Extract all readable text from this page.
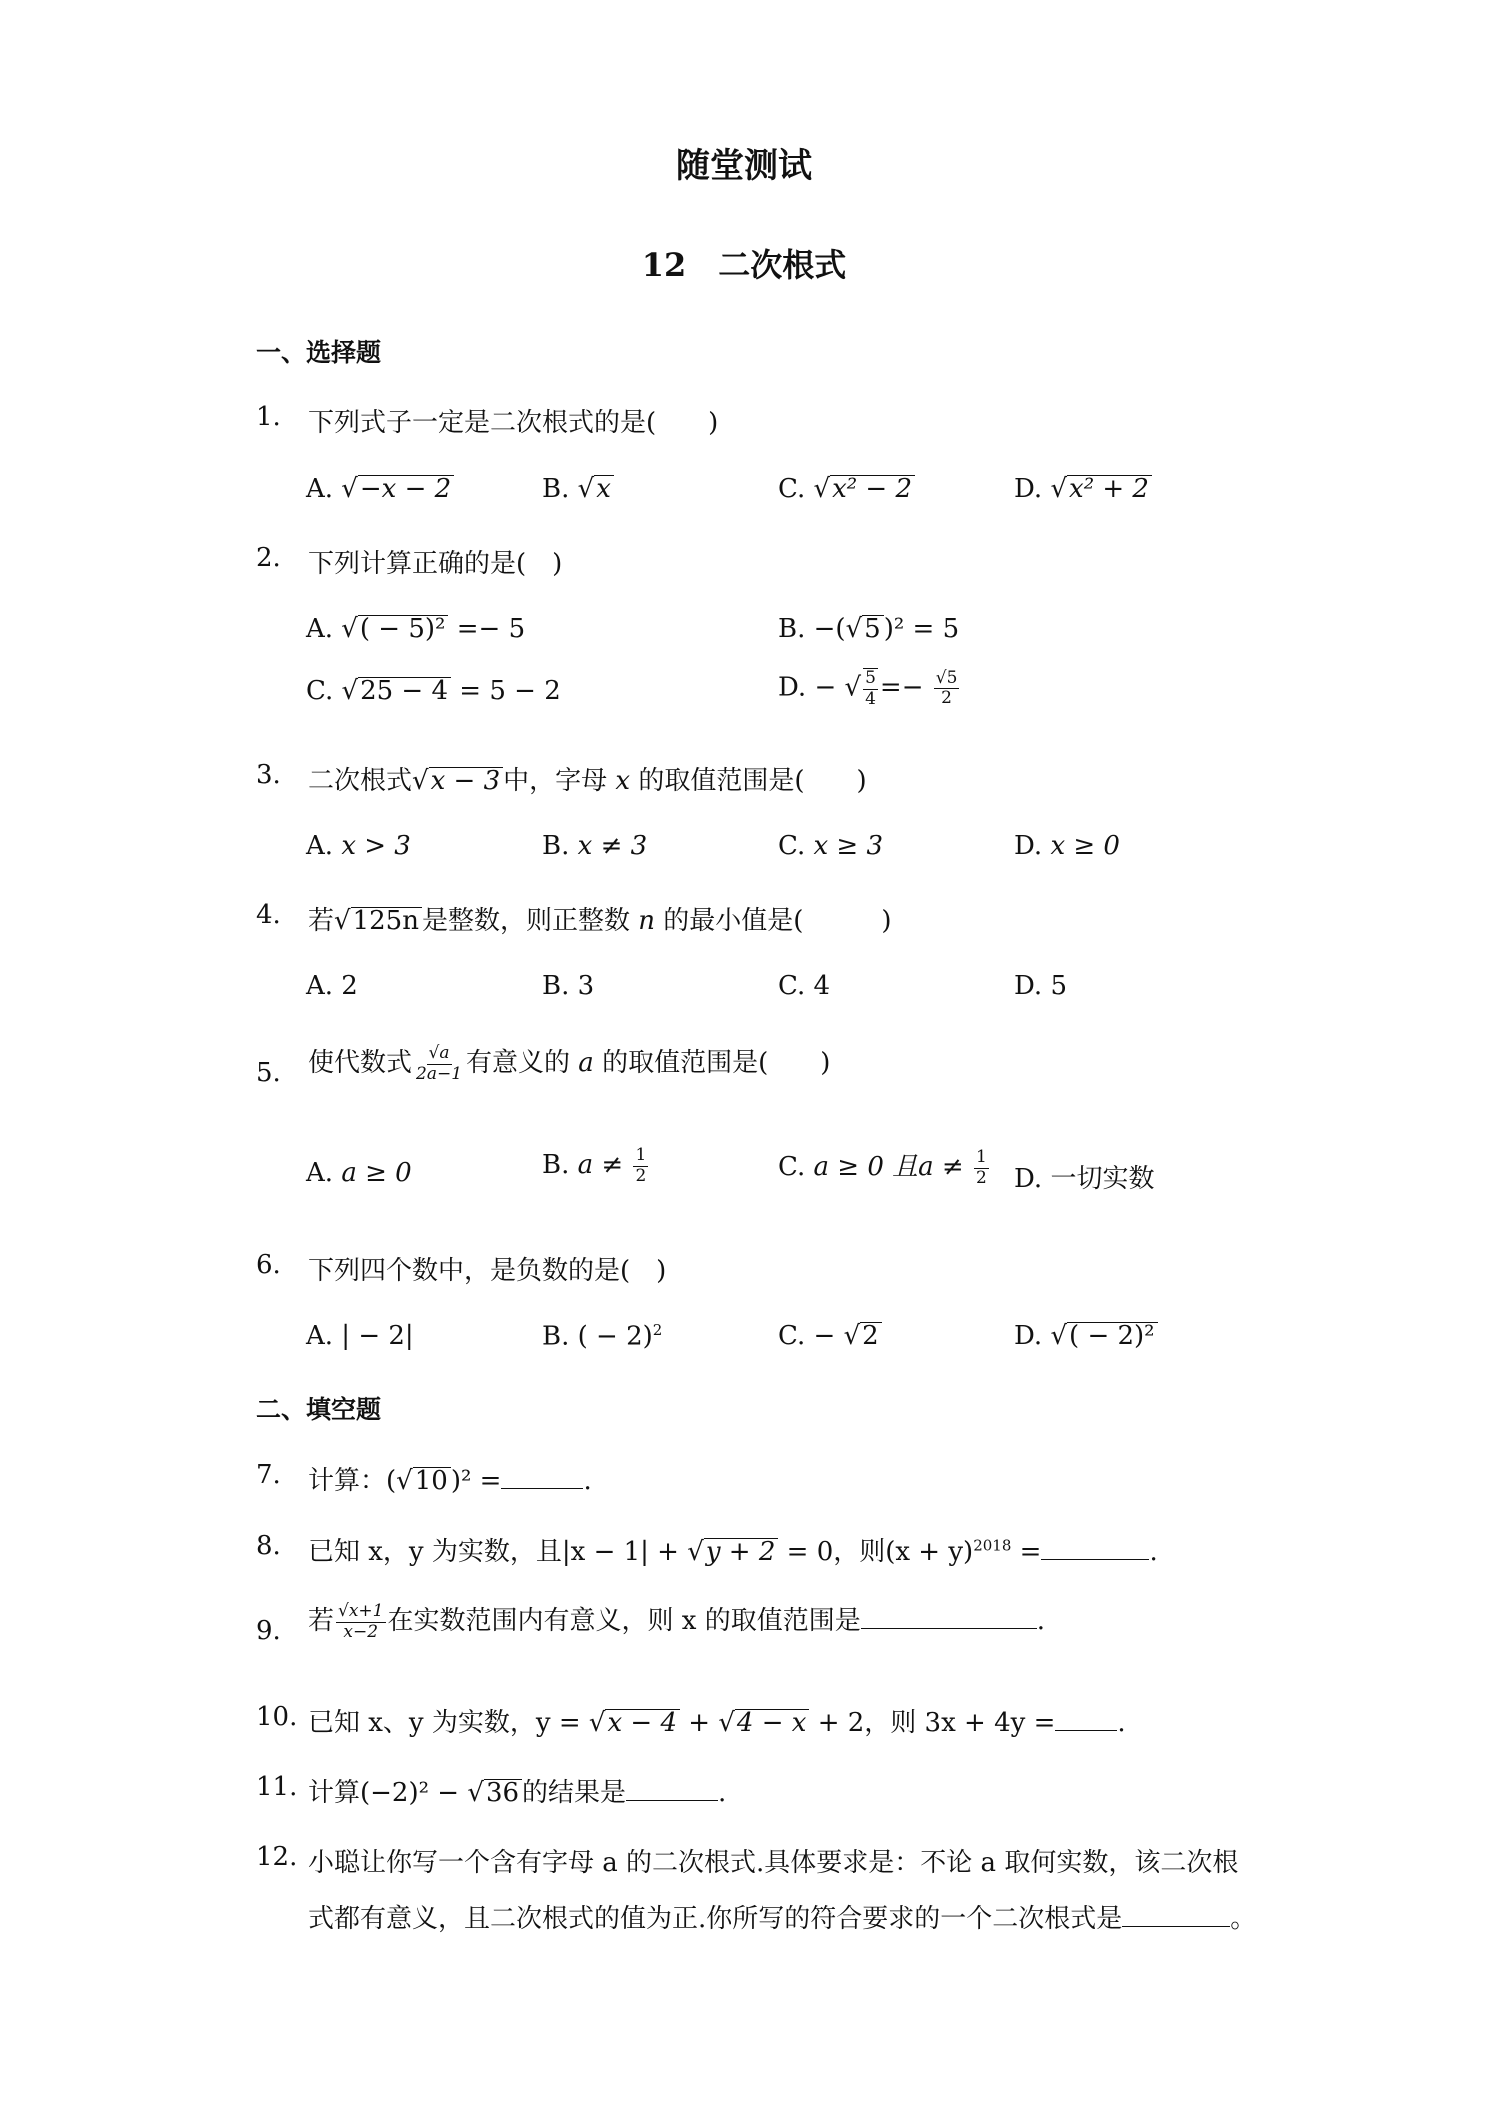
随堂测试
12　二次根式
一、选择题
1. 下列式子一定是二次根式的是(　　)
A. √−x − 2	B. √x	C. √x² − 2	D. √x² + 2
2. 下列计算正确的是(　)
A. √( − 5)² =− 5	B. −(√5 )² = 5
C. √25 − 4 = 5 − 2	D. − √ $\frac{5}{4} =- \frac{√5}{2}$
3. 二次根式√x − 3 中，字母 x 的取值范围是(　　)
A. x > 3	B. x ≠ 3	C. x ≥ 3	D. x ≥ 0
4. 若√125n 是整数，则正整数 n 的最小值是(　　　)
A. 2	B. 3	C. 4	D. 5
5. 使代数式 $\frac{√a}{2a-1}$ 有意义的 a 的取值范围是(　　)
A. a ≥ 0	B. $a \ne \frac{1}{2}$	C. a ≥ 0 且$a \ne \frac{1}{2} D$. 一切实数
6. 下列四个数中，是负数的是(　)
A. | − 2|	B. ( − 2)$^2$	C. − √2	D. √( − 2)²
二、填空题
7. 计算：(√10 )² =	.
8. 已知 x，y 为实数，且|x − 1| + √y + 2 = 0，则$(x + y)^{2018}$ =	.
9. 若 $\frac{√x+1}{x-2}$ 在实数范围内有意义，则 x 的取值范围是	.
10. 已知 x、y 为实数，y = √x − 4 + √4 − x + 2，则 3x + 4y = .
11. 计算(−2)² − √36 的结果是	.
12. 小聪让你写一个含有字母 a 的二次根式.具体要求是：不论 a 取何实数，该二次根
式都有意义，且二次根式的值为正.你所写的符合要求的一个二次根式是	。
